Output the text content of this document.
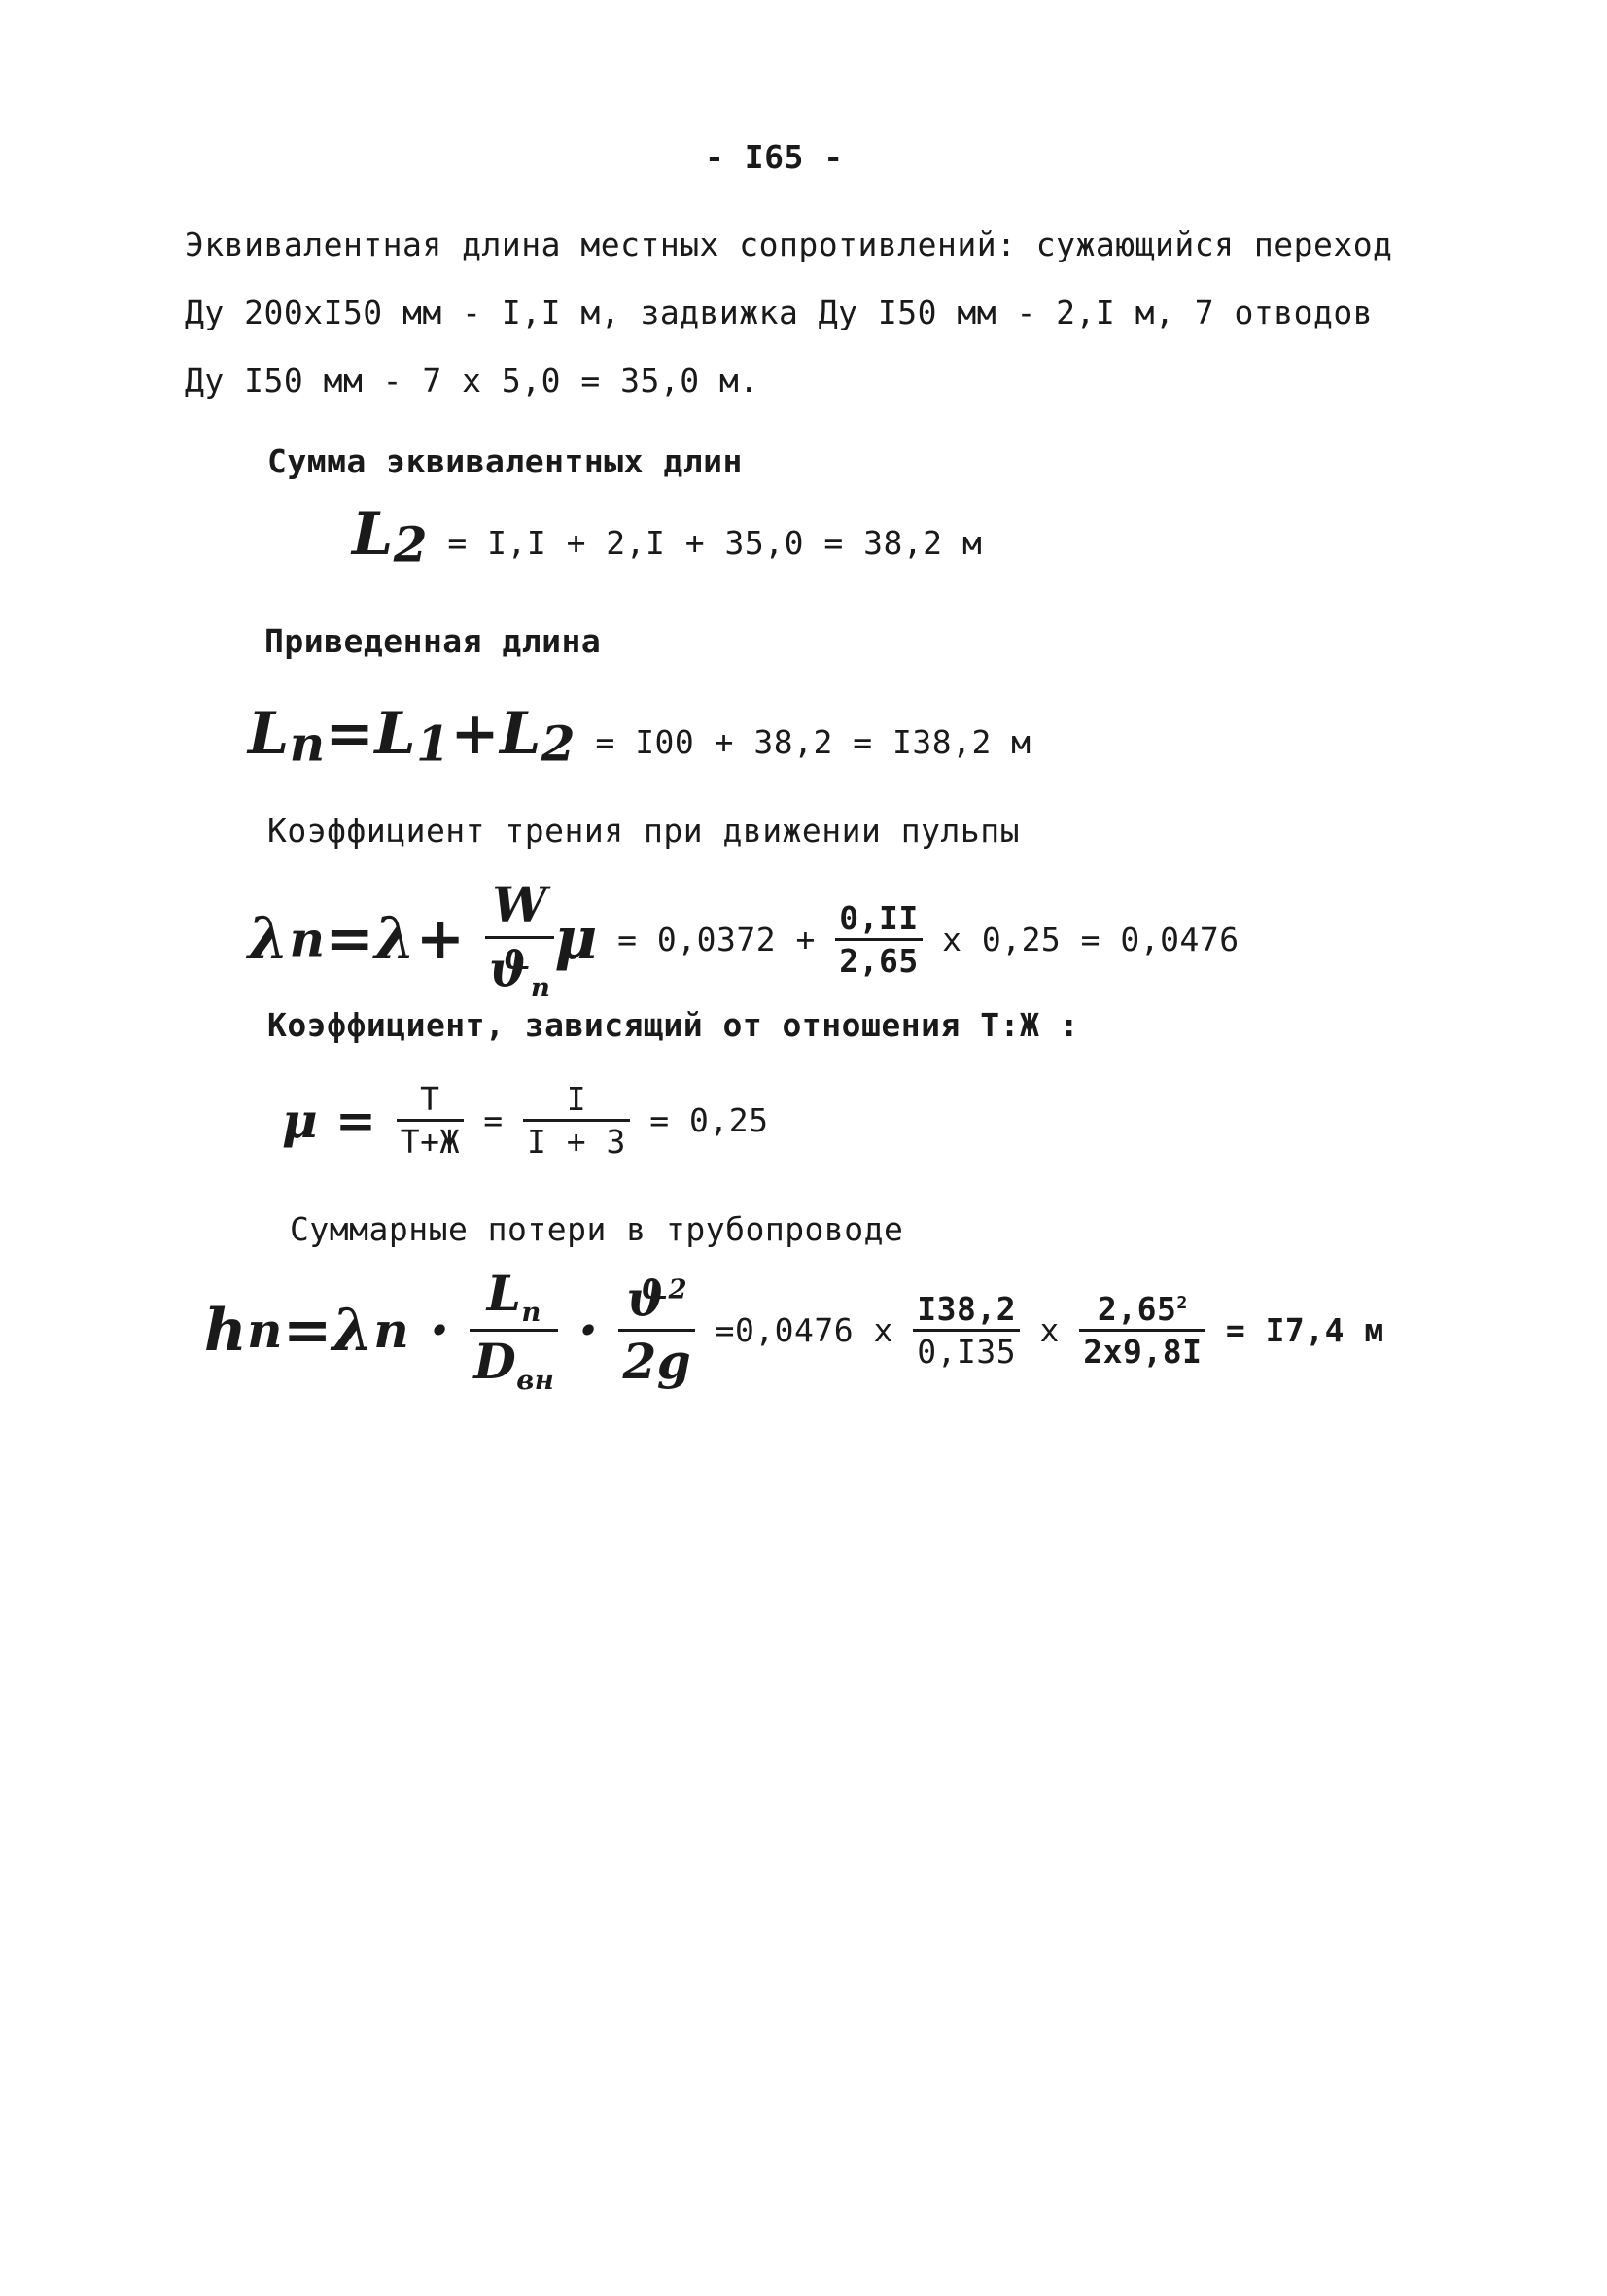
- I65 -
Эквивалентная длина местных сопротивлений: сужающийся переход
Ду 200хI50 мм - I,I м, задвижка Ду I50 мм - 2,I м, 7 отводов
Ду I50 мм - 7 х 5,0 = 35,0 м.
Сумма эквивалентных длин
$L_2 = I,I + 2,I + 35,0 = 38,2$ м
Приведенная длина
$L_n=L_1+L_2 = I00 + 38,2 = I38,2$ м
Коэффициент трения при движении пульпы
$\lambda_n=\lambda+ \frac{W}{ϑ_n}$ $\mu = 0,0372 + \frac{0,II}{2,65}$ х 0,25 = 0,0476
Коэффициент, зависящий от отношения Т:Ж :
$\mu = \frac{Т}{Т+Ж} = \frac{I}{I + 3} = 0,25$
Суммарные потери в трубопроводе
$h_n=\lambda_n \cdot \frac{L_п}{D_{вн}} \cdot \frac{ϑ^2}{2g} =0,0476$ х $\frac{I38,2}{0,I35}$ х $\frac{2,65^2}{2х9,8I} = I7,4$ м
